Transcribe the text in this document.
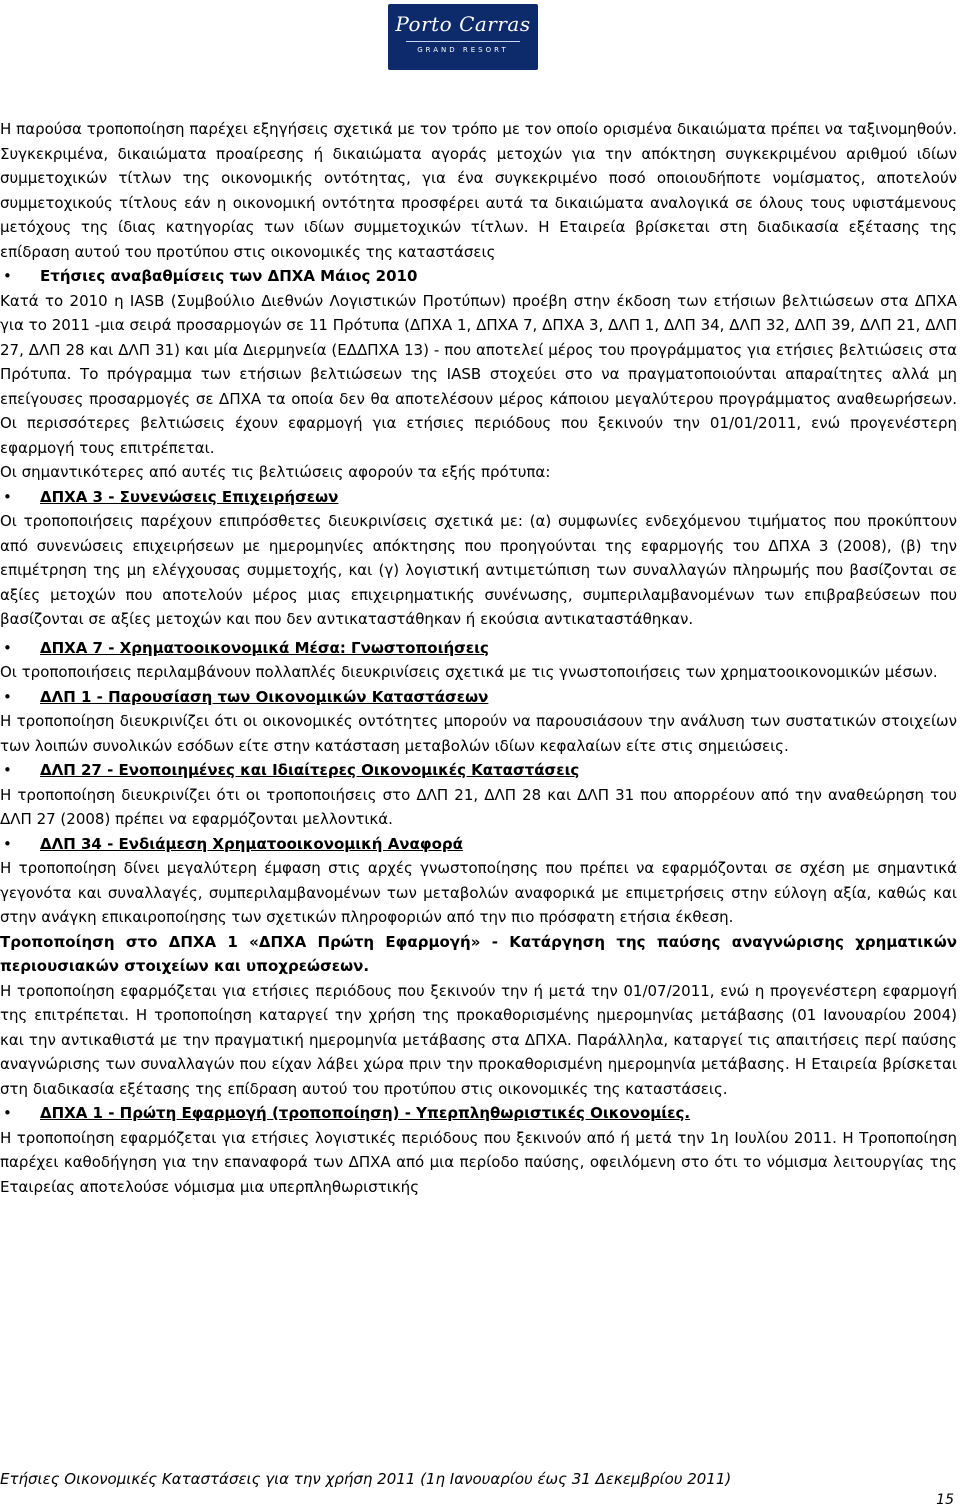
Porto Carras
GRAND RESORT

Η παρούσα τροποποίηση παρέχει εξηγήσεις σχετικά με τον τρόπο με τον οποίο ορισμένα δικαιώματα πρέπει να ταξινομηθούν. Συγκεκριμένα, δικαιώματα προαίρεσης ή δικαιώματα αγοράς μετοχών για την απόκτηση συγκεκριμένου αριθμού ιδίων συμμετοχικών τίτλων της οικονομικής οντότητας, για ένα συγκεκριμένο ποσό οποιουδήποτε νομίσματος, αποτελούν συμμετοχικούς τίτλους εάν η οικονομική οντότητα προσφέρει αυτά τα δικαιώματα αναλογικά σε όλους τους υφιστάμενους μετόχους της ίδιας κατηγορίας των ιδίων συμμετοχικών τίτλων. Η Εταιρεία βρίσκεται στη διαδικασία εξέτασης της επίδραση αυτού του προτύπου στις οικονομικές της καταστάσεις

• Ετήσιες αναβαθμίσεις των ΔΠΧΑ Μάιος 2010

Κατά το 2010 η IASB (Συμβούλιο Διεθνών Λογιστικών Προτύπων) προέβη στην έκδοση των ετήσιων βελτιώσεων στα ΔΠΧΑ για το 2011 -μια σειρά προσαρμογών σε 11 Πρότυπα (ΔΠΧΑ 1, ΔΠΧΑ 7, ΔΠΧΑ 3, ΔΛΠ 1, ΔΛΠ 34, ΔΛΠ 32, ΔΛΠ 39, ΔΛΠ 21, ΔΛΠ 27, ΔΛΠ 28 και ΔΛΠ 31) και μία Διερμηνεία (ΕΔΔΠΧΑ 13) - που αποτελεί μέρος του προγράμματος για ετήσιες βελτιώσεις στα Πρότυπα. Το πρόγραμμα των ετήσιων βελτιώσεων της IASB στοχεύει στο να πραγματοποιούνται απαραίτητες αλλά μη επείγουσες προσαρμογές σε ΔΠΧΑ τα οποία δεν θα αποτελέσουν μέρος κάποιου μεγαλύτερου προγράμματος αναθεωρήσεων. Οι περισσότερες βελτιώσεις έχουν εφαρμογή για ετήσιες περιόδους που ξεκινούν την 01/01/2011, ενώ προγενέστερη εφαρμογή τους επιτρέπεται.

Οι σημαντικότερες από αυτές τις βελτιώσεις αφορούν τα εξής πρότυπα:

• ΔΠΧΑ 3 - Συνενώσεις Επιχειρήσεων

Οι τροποποιήσεις παρέχουν επιπρόσθετες διευκρινίσεις σχετικά με: (α) συμφωνίες ενδεχόμενου τιμήματος που προκύπτουν από συνενώσεις επιχειρήσεων με ημερομηνίες απόκτησης που προηγούνται της εφαρμογής του ΔΠΧΑ 3 (2008), (β) την επιμέτρηση της μη ελέγχουσας συμμετοχής, και (γ) λογιστική αντιμετώπιση των συναλλαγών πληρωμής που βασίζονται σε αξίες μετοχών που αποτελούν μέρος μιας επιχειρηματικής συνένωσης, συμπεριλαμβανομένων των επιβραβεύσεων που βασίζονται σε αξίες μετοχών και που δεν αντικαταστάθηκαν ή εκούσια αντικαταστάθηκαν.

• ΔΠΧΑ 7 - Χρηματοοικονομικά Μέσα: Γνωστοποιήσεις

Οι τροποποιήσεις περιλαμβάνουν πολλαπλές διευκρινίσεις σχετικά με τις γνωστοποιήσεις των χρηματοοικονομικών μέσων.

• ΔΛΠ 1 - Παρουσίαση των Οικονομικών Καταστάσεων

Η τροποποίηση διευκρινίζει ότι οι οικονομικές οντότητες μπορούν να παρουσιάσουν την ανάλυση των συστατικών στοιχείων των λοιπών συνολικών εσόδων είτε στην κατάσταση μεταβολών ιδίων κεφαλαίων είτε στις σημειώσεις.

• ΔΛΠ 27 - Ενοποιημένες και Ιδιαίτερες Οικονομικές Καταστάσεις

Η τροποποίηση διευκρινίζει ότι οι τροποποιήσεις στο ΔΛΠ 21, ΔΛΠ 28 και ΔΛΠ 31 που απορρέουν από την αναθεώρηση του ΔΛΠ 27 (2008) πρέπει να εφαρμόζονται μελλοντικά.

• ΔΛΠ 34 - Ενδιάμεση Χρηματοοικονομική Αναφορά

Η τροποποίηση δίνει μεγαλύτερη έμφαση στις αρχές γνωστοποίησης που πρέπει να εφαρμόζονται σε σχέση με σημαντικά γεγονότα και συναλλαγές, συμπεριλαμβανομένων των μεταβολών αναφορικά με επιμετρήσεις στην εύλογη αξία, καθώς και στην ανάγκη επικαιροποίησης των σχετικών πληροφοριών από την πιο πρόσφατη ετήσια έκθεση.

Τροποποίηση στο ΔΠΧΑ 1 «ΔΠΧΑ Πρώτη Εφαρμογή» - Κατάργηση της παύσης αναγνώρισης χρηματικών περιουσιακών στοιχείων και υποχρεώσεων.

Η τροποποίηση εφαρμόζεται για ετήσιες περιόδους που ξεκινούν την ή μετά την 01/07/2011, ενώ η προγενέστερη εφαρμογή της επιτρέπεται. Η τροποποίηση καταργεί την χρήση της προκαθορισμένης ημερομηνίας μετάβασης (01 Ιανουαρίου 2004) και την αντικαθιστά με την πραγματική ημερομηνία μετάβασης στα ΔΠΧΑ. Παράλληλα, καταργεί τις απαιτήσεις περί παύσης αναγνώρισης των συναλλαγών που είχαν λάβει χώρα πριν την προκαθορισμένη ημερομηνία μετάβασης. Η Εταιρεία βρίσκεται στη διαδικασία εξέτασης της επίδραση αυτού του προτύπου στις οικονομικές της καταστάσεις.

• ΔΠΧΑ 1 - Πρώτη Εφαρμογή (τροποποίηση) - Υπερπληθωριστικές Οικονομίες.

Η τροποποίηση εφαρμόζεται για ετήσιες λογιστικές περιόδους που ξεκινούν από ή μετά την 1η Ιουλίου 2011. Η Τροποποίηση παρέχει καθοδήγηση για την επαναφορά των ΔΠΧΑ από μια περίοδο παύσης, οφειλόμενη στο ότι το νόμισμα λειτουργίας της Εταιρείας αποτελούσε νόμισμα μια υπερπληθωριστικής

Ετήσιες Οικονομικές Καταστάσεις για την χρήση 2011 (1η Ιανουαρίου έως 31 Δεκεμβρίου 2011)
15
